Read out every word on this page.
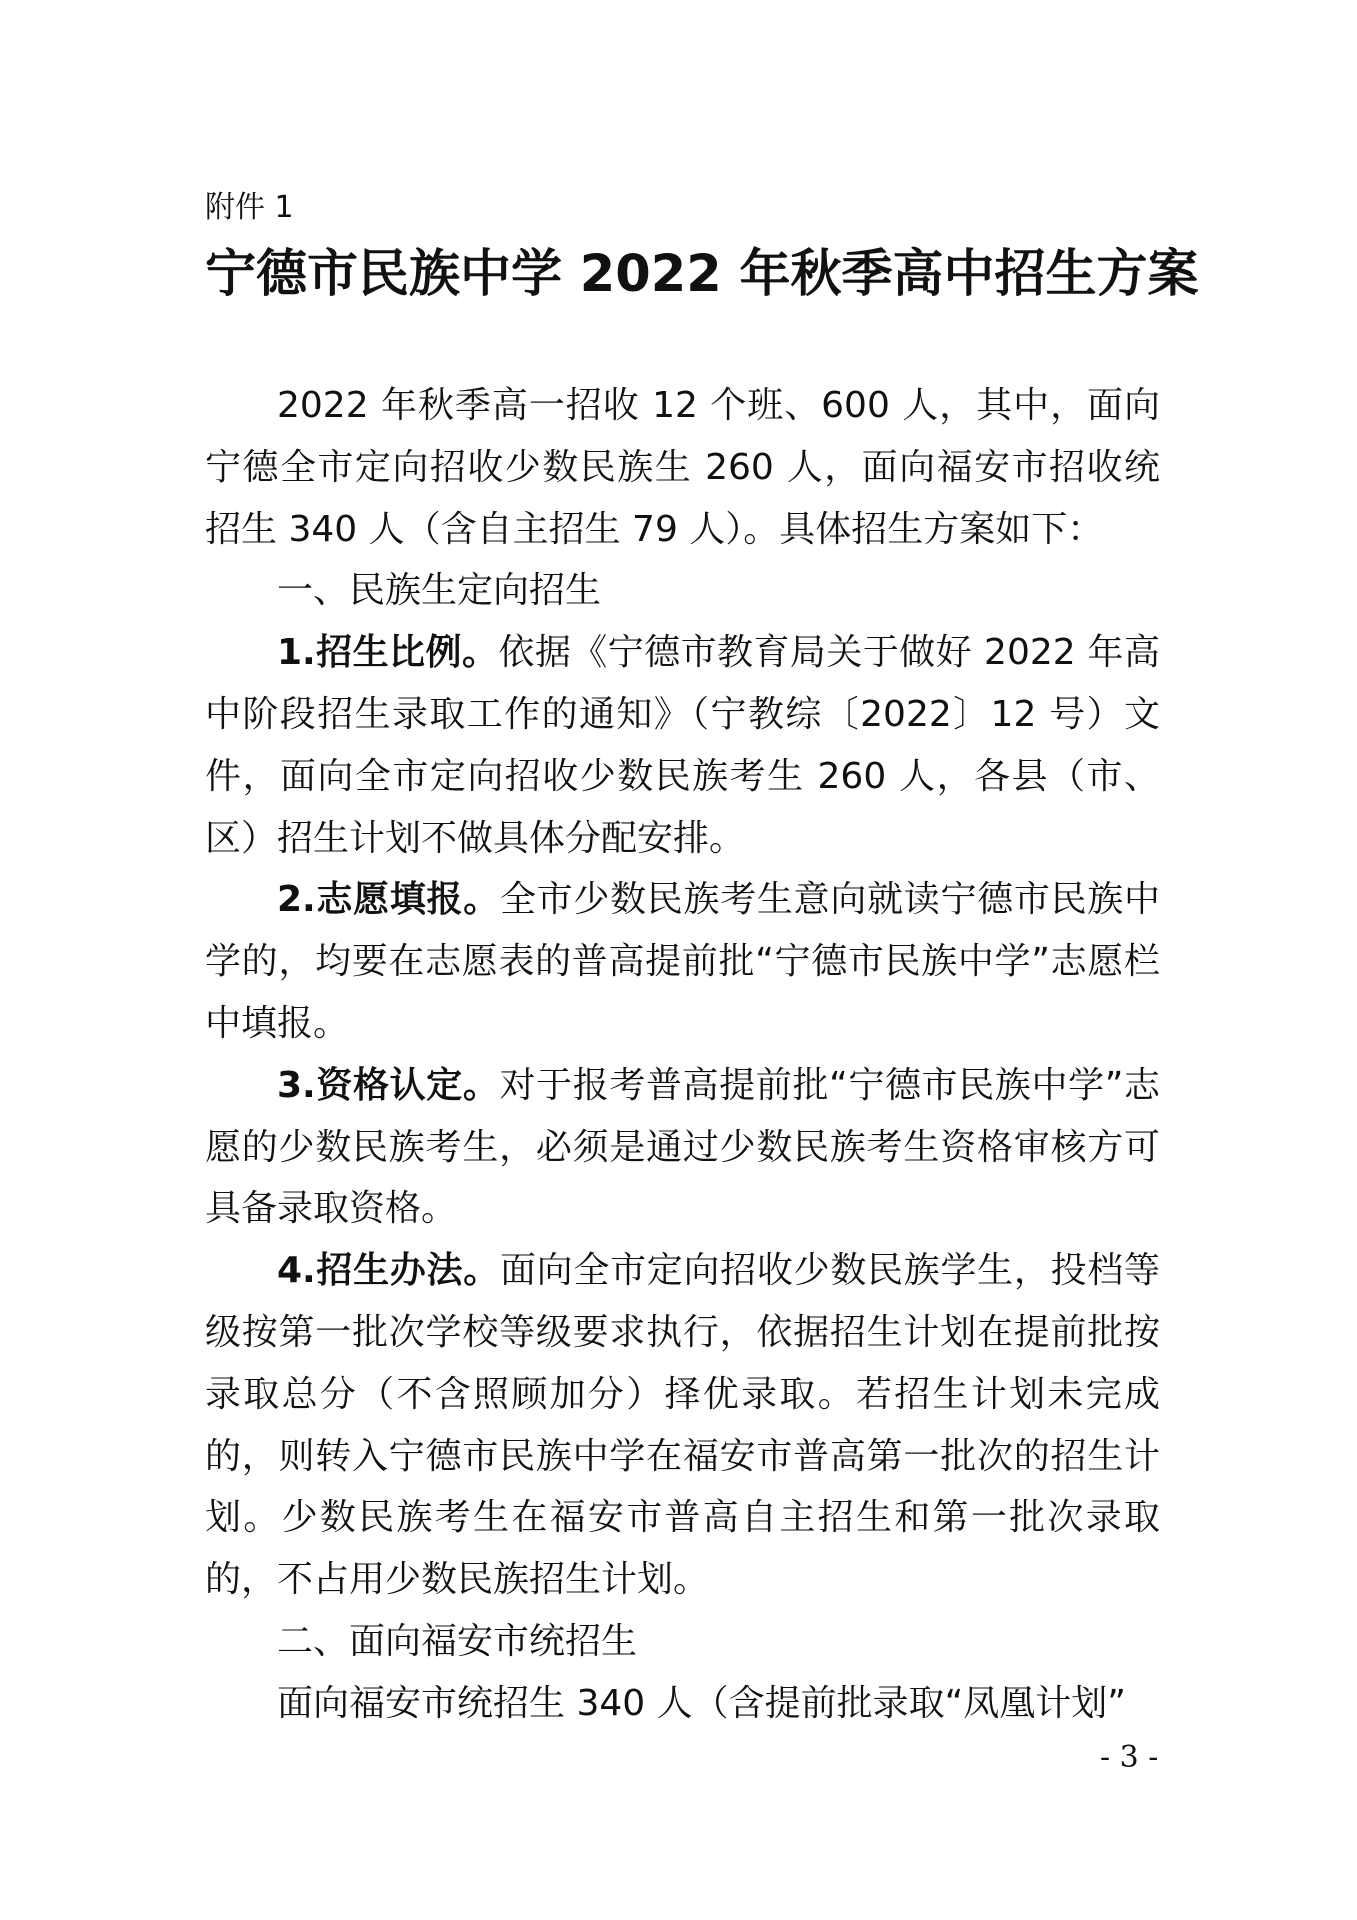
附件 1
宁德市民族中学 2022 年秋季高中招生方案

2022 年秋季高一招收 12 个班、600 人，其中，面向宁德全市定向招收少数民族生 260 人，面向福安市招收统招生 340 人（含自主招生 79 人）。具体招生方案如下：

一、民族生定向招生

1.招生比例。依据《宁德市教育局关于做好 2022 年高中阶段招生录取工作的通知》（宁教综〔2022〕12 号）文件，面向全市定向招收少数民族考生 260 人，各县（市、区）招生计划不做具体分配安排。

2.志愿填报。全市少数民族考生意向就读宁德市民族中学的，均要在志愿表的普高提前批“宁德市民族中学”志愿栏中填报。

3.资格认定。对于报考普高提前批“宁德市民族中学”志愿的少数民族考生，必须是通过少数民族考生资格审核方可具备录取资格。

4.招生办法。面向全市定向招收少数民族学生，投档等级按第一批次学校等级要求执行，依据招生计划在提前批按录取总分（不含照顾加分）择优录取。若招生计划未完成的，则转入宁德市民族中学在福安市普高第一批次的招生计划。少数民族考生在福安市普高自主招生和第一批次录取的，不占用少数民族招生计划。

二、面向福安市统招生

面向福安市统招生 340 人（含提前批录取“凤凰计划”

- 3 -
